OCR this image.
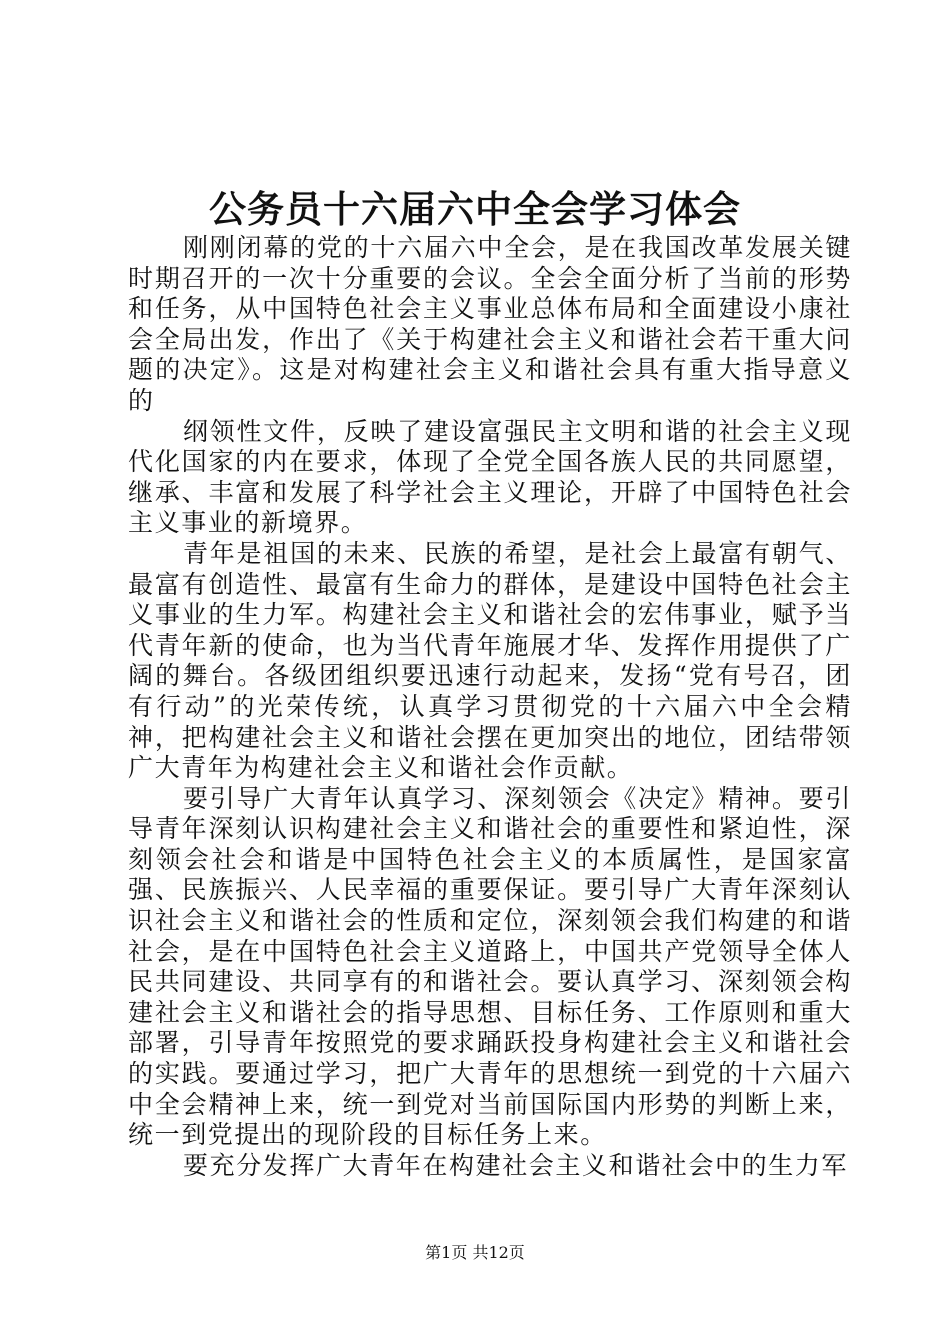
公务员十六届六中全会学习体会

刚刚闭幕的党的十六届六中全会，是在我国改革发展关键时期召开的一次十分重要的会议。全会全面分析了当前的形势和任务，从中国特色社会主义事业总体布局和全面建设小康社会全局出发，作出了《关于构建社会主义和谐社会若干重大问题的决定》。这是对构建社会主义和谐社会具有重大指导意义的

纲领性文件，反映了建设富强民主文明和谐的社会主义现代化国家的内在要求，体现了全党全国各族人民的共同愿望，继承、丰富和发展了科学社会主义理论，开辟了中国特色社会主义事业的新境界。

青年是祖国的未来、民族的希望，是社会上最富有朝气、最富有创造性、最富有生命力的群体，是建设中国特色社会主义事业的生力军。构建社会主义和谐社会的宏伟事业，赋予当代青年新的使命，也为当代青年施展才华、发挥作用提供了广阔的舞台。各级团组织要迅速行动起来，发扬“党有号召，团有行动”的光荣传统，认真学习贯彻党的十六届六中全会精神，把构建社会主义和谐社会摆在更加突出的地位，团结带领广大青年为构建社会主义和谐社会作贡献。

要引导广大青年认真学习、深刻领会《决定》精神。要引导青年深刻认识构建社会主义和谐社会的重要性和紧迫性，深刻领会社会和谐是中国特色社会主义的本质属性，是国家富强、民族振兴、人民幸福的重要保证。要引导广大青年深刻认识社会主义和谐社会的性质和定位，深刻领会我们构建的和谐社会，是在中国特色社会主义道路上，中国共产党领导全体人民共同建设、共同享有的和谐社会。要认真学习、深刻领会构建社会主义和谐社会的指导思想、目标任务、工作原则和重大部署，引导青年按照党的要求踊跃投身构建社会主义和谐社会的实践。要通过学习，把广大青年的思想统一到党的十六届六中全会精神上来，统一到党对当前国际国内形势的判断上来，统一到党提出的现阶段的目标任务上来。

要充分发挥广大青年在构建社会主义和谐社会中的生力军

第1页 共12页
